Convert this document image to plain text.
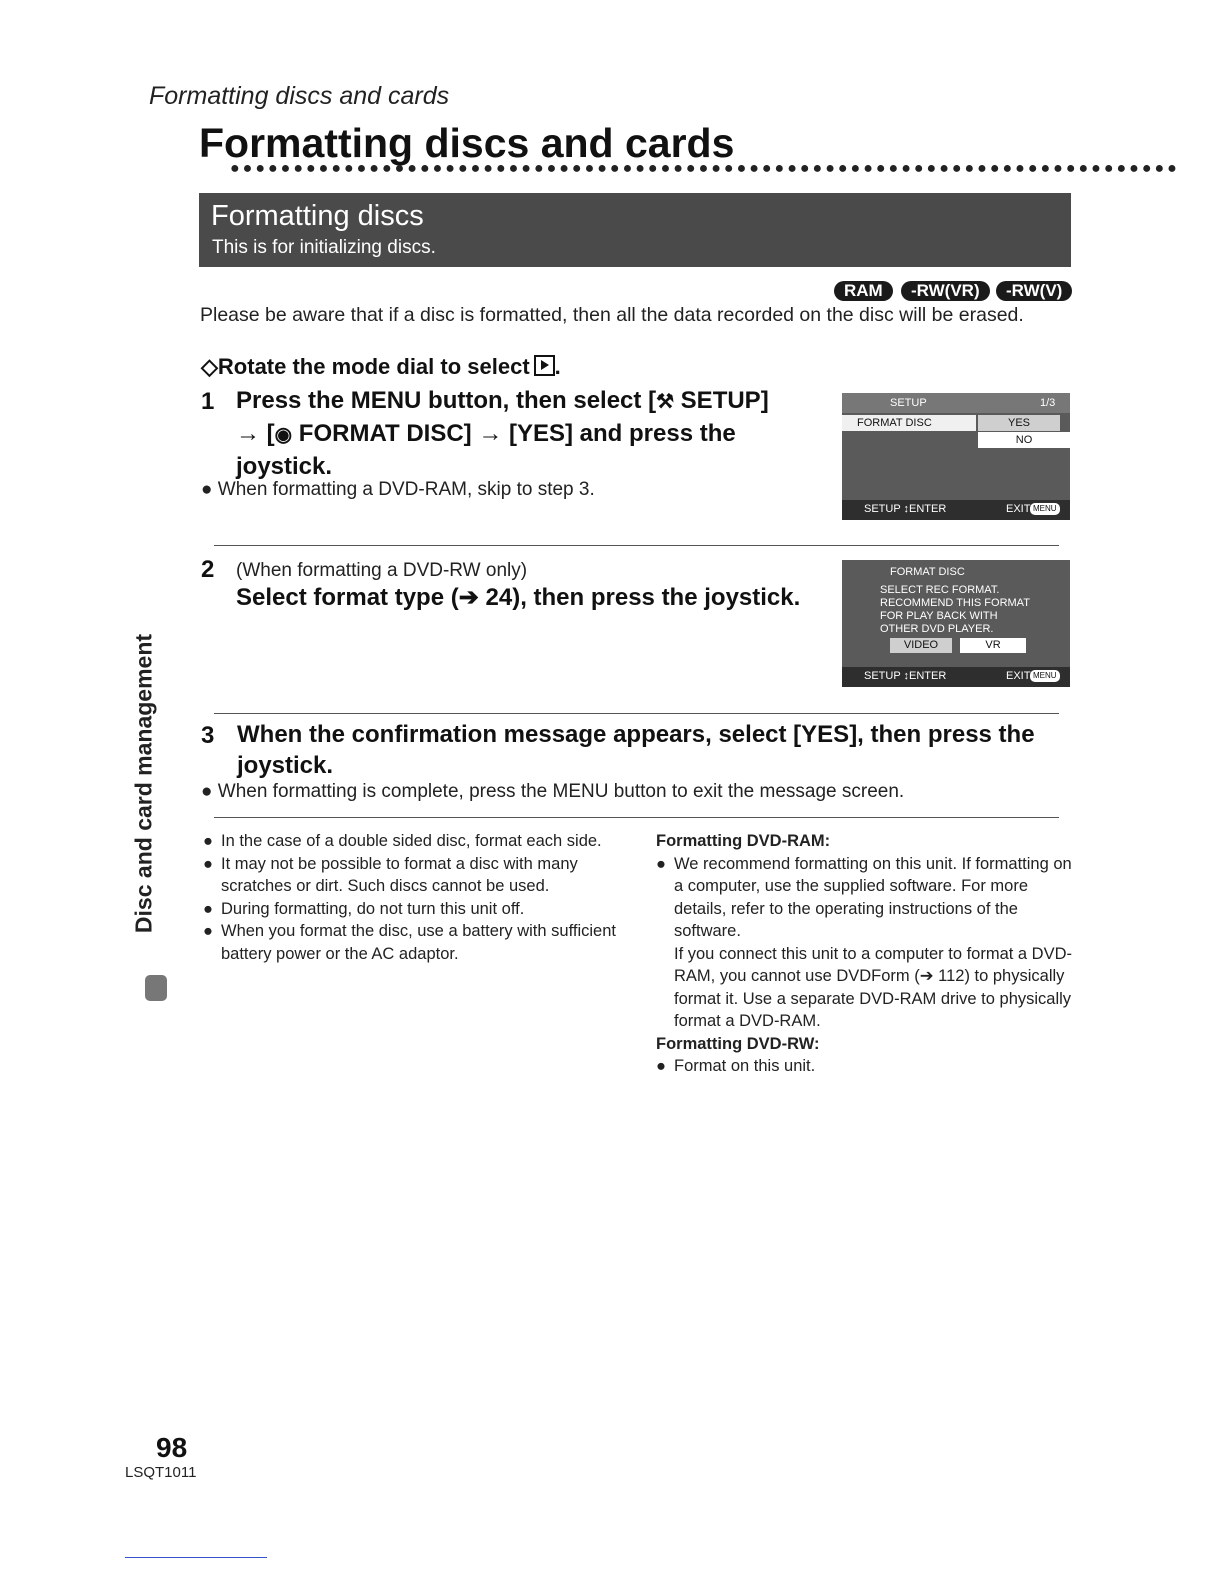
Formatting discs and cards
Formatting discs and cards
●●●●●●●●●●●●●●●●●●●●●●●●●●●●●●●●●●●●●●●●●●●●●●●●●●●●●●●●●●●●●●●●●●●●●●●●●●●
Formatting discs
This is for initializing discs.
RAM	-RW(VR)	-RW(V)
Please be aware that if a disc is formatted, then all the data recorded on the disc will be erased.
◇Rotate the mode dial to select .
1 Press the MENU button, then select [⚒ SETUP]
→ [◉ FORMAT DISC] → [YES] and press the
joystick.
● When formatting a DVD-RAM, skip to step 3.
SETUP	1/3
FORMAT DISC	YES
NO
SETUP ↕ENTER	EXIT MENU
2 (When formatting a DVD-RW only)
Select format type (➔ 24), then press the joystick.
FORMAT DISC
SELECT REC FORMAT.
RECOMMEND THIS FORMAT
FOR PLAY BACK WITH
OTHER DVD PLAYER.
VIDEO	VR
SETUP ↕ENTER	EXIT MENU
3 When the confirmation message appears, select [YES], then press the
joystick.
● When formatting is complete, press the MENU button to exit the message screen.
● In the case of a double sided disc, format each side.
● It may not be possible to format a disc with many scratches or dirt. Such discs cannot be used.
● During formatting, do not turn this unit off.
● When you format the disc, use a battery with sufficient battery power or the AC adaptor.
Formatting DVD-RAM:
● We recommend formatting on this unit. If formatting on a computer, use the supplied software. For more details, refer to the operating instructions of the software.
If you connect this unit to a computer to format a DVD-RAM, you cannot use DVDForm (➔ 112) to physically format it. Use a separate DVD-RAM drive to physically format a DVD-RAM.
Formatting DVD-RW:
● Format on this unit.
Disc and card management
98
LSQT1011
